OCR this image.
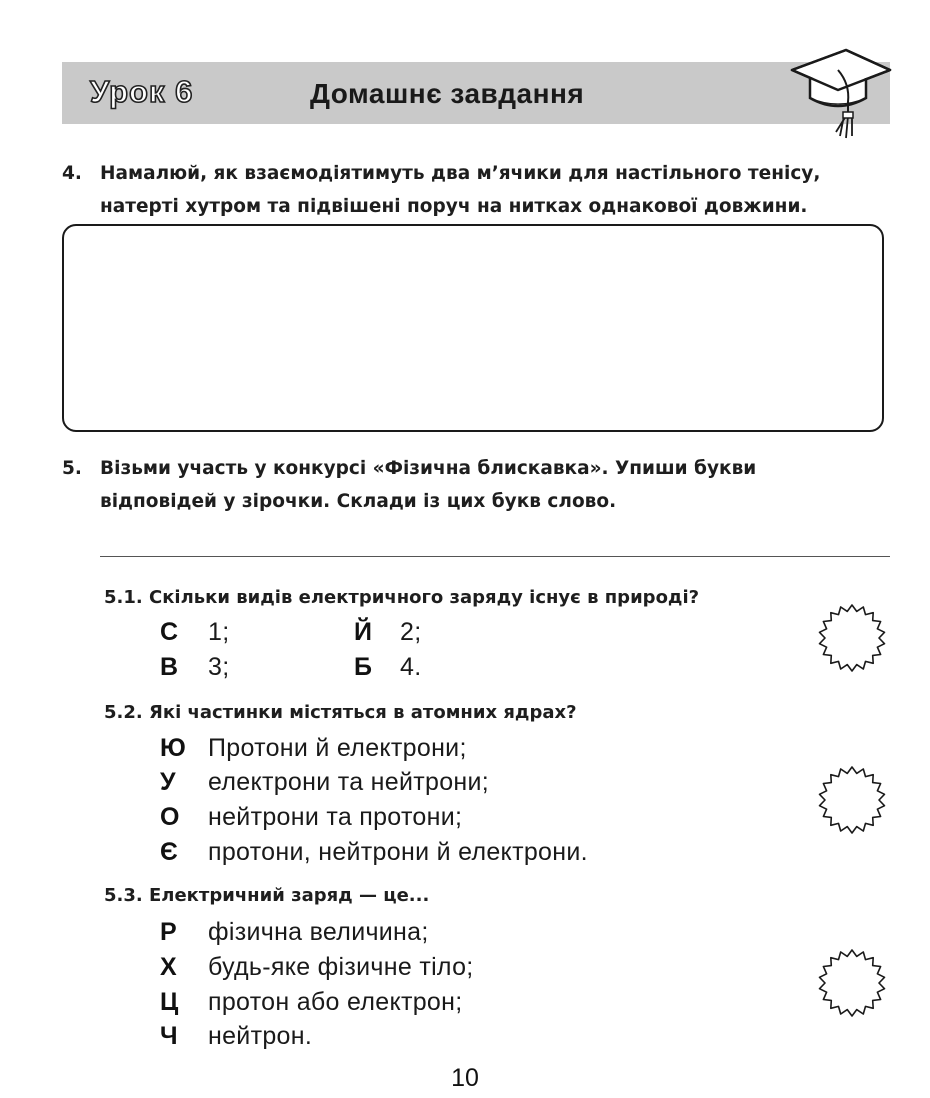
Урок 6	Домашнє завдання
4. Намалюй, як взаємодіятимуть два м’ячики для настільного тенісу,
натерті хутром та підвішені поруч на нитках однакової довжини.
5. Візьми участь у конкурсі «Фізична блискавка». Упиши букви
відповідей у зірочки. Склади із цих букв слово.
5.1. Скільки видів електричного заряду існує в природі?
С 1;	Й 2;
В 3;	Б 4.
5.2. Які частинки містяться в атомних ядрах?
Ю Протони й електрони;
У електрони та нейтрони;
О нейтрони та протони;
Є протони, нейтрони й електрони.
5.3. Електричний заряд — це...
Р фізична величина;
Х будь-яке фізичне тіло;
Ц протон або електрон;
Ч нейтрон.
10
